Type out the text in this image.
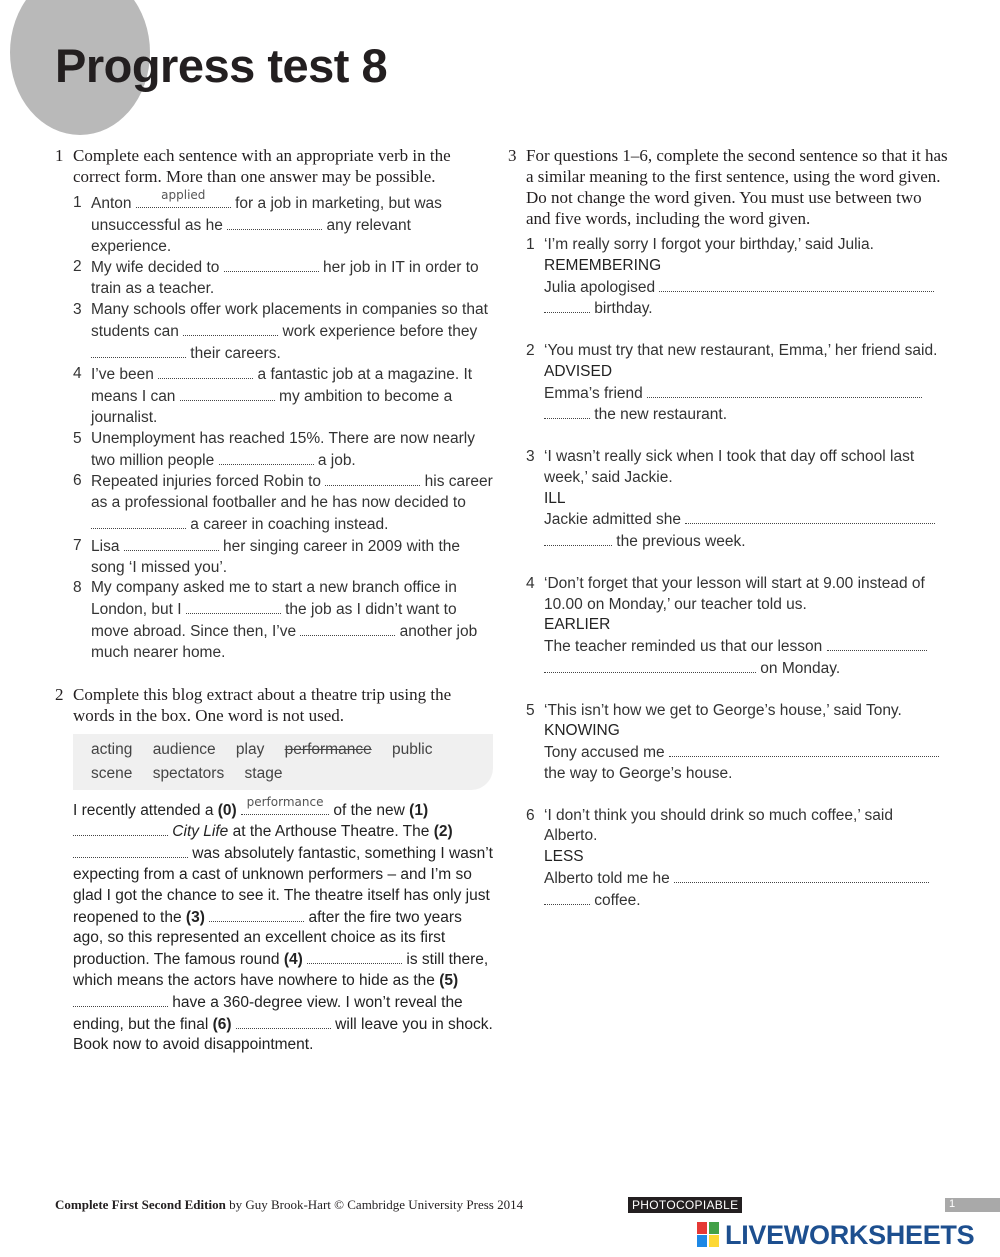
Progress test 8
1 Complete each sentence with an appropriate verb in the correct form. More than one answer may be possible.
1 Anton	applied	for a job in marketing, but was unsuccessful as he	any relevant experience.
2 My wife decided to	her job in IT in order to train as a teacher.
3 Many schools offer work placements in companies so that students can	work experience before they  their careers.
4 I’ve been	a fantastic job at a magazine. It means I can	my ambition to become a journalist.
5 Unemployment has reached 15%. There are now nearly two million people	a job.
6 Repeated injuries forced Robin to	his career as a professional footballer and he has now decided to  a career in coaching instead.
7 Lisa	her singing career in 2009 with the song ‘I missed you’.
8 My company asked me to start a new branch office in London, but I	the job as I didn’t want to move abroad. Since then, I’ve	another job much nearer home.
2 Complete this blog extract about a theatre trip using the words in the box. One word is not used.
acting audience play performance public scene spectators stage
I recently attended a (0) performance of the new (1)  City Life at the Arthouse Theatre. The (2)  was absolutely fantastic, something I wasn’t expecting from a cast of unknown performers – and I’m so glad I got the chance to see it. The theatre itself has only just reopened to the (3)	after the fire two years ago, so this represented an excellent choice as its first production. The famous round (4)	is still there, which means the actors have nowhere to hide as the (5)  have a 360-degree view. I won’t reveal the ending, but the final (6)	will leave you in shock. Book now to avoid disappointment.
3 For questions 1–6, complete the second sentence so that it has a similar meaning to the first sentence, using the word given. Do not change the word given. You must use between two and five words, including the word given.
1 ‘I’m really sorry I forgot your birthday,’ said Julia.
REMEMBERING
Julia apologised
birthday.
2 ‘You must try that new restaurant, Emma,’ her friend said.
ADVISED
Emma’s friend
the new restaurant.
3 ‘I wasn’t really sick when I took that day off school last week,’ said Jackie.
ILL
Jackie admitted she
the previous week.
4 ‘Don’t forget that your lesson will start at 9.00 instead of 10.00 on Monday,’ our teacher told us.
EARLIER
The teacher reminded us that our lesson
on Monday.
5 ‘This isn’t how we get to George’s house,’ said Tony.
KNOWING
Tony accused me
the way to George’s house.
6 ‘I don’t think you should drink so much coffee,’ said Alberto.
LESS
Alberto told me he
coffee.
Complete First Second Edition by Guy Brook-Hart © Cambridge University Press 2014	PHOTOCOPIABLE	1
LIVEWORKSHEETS
